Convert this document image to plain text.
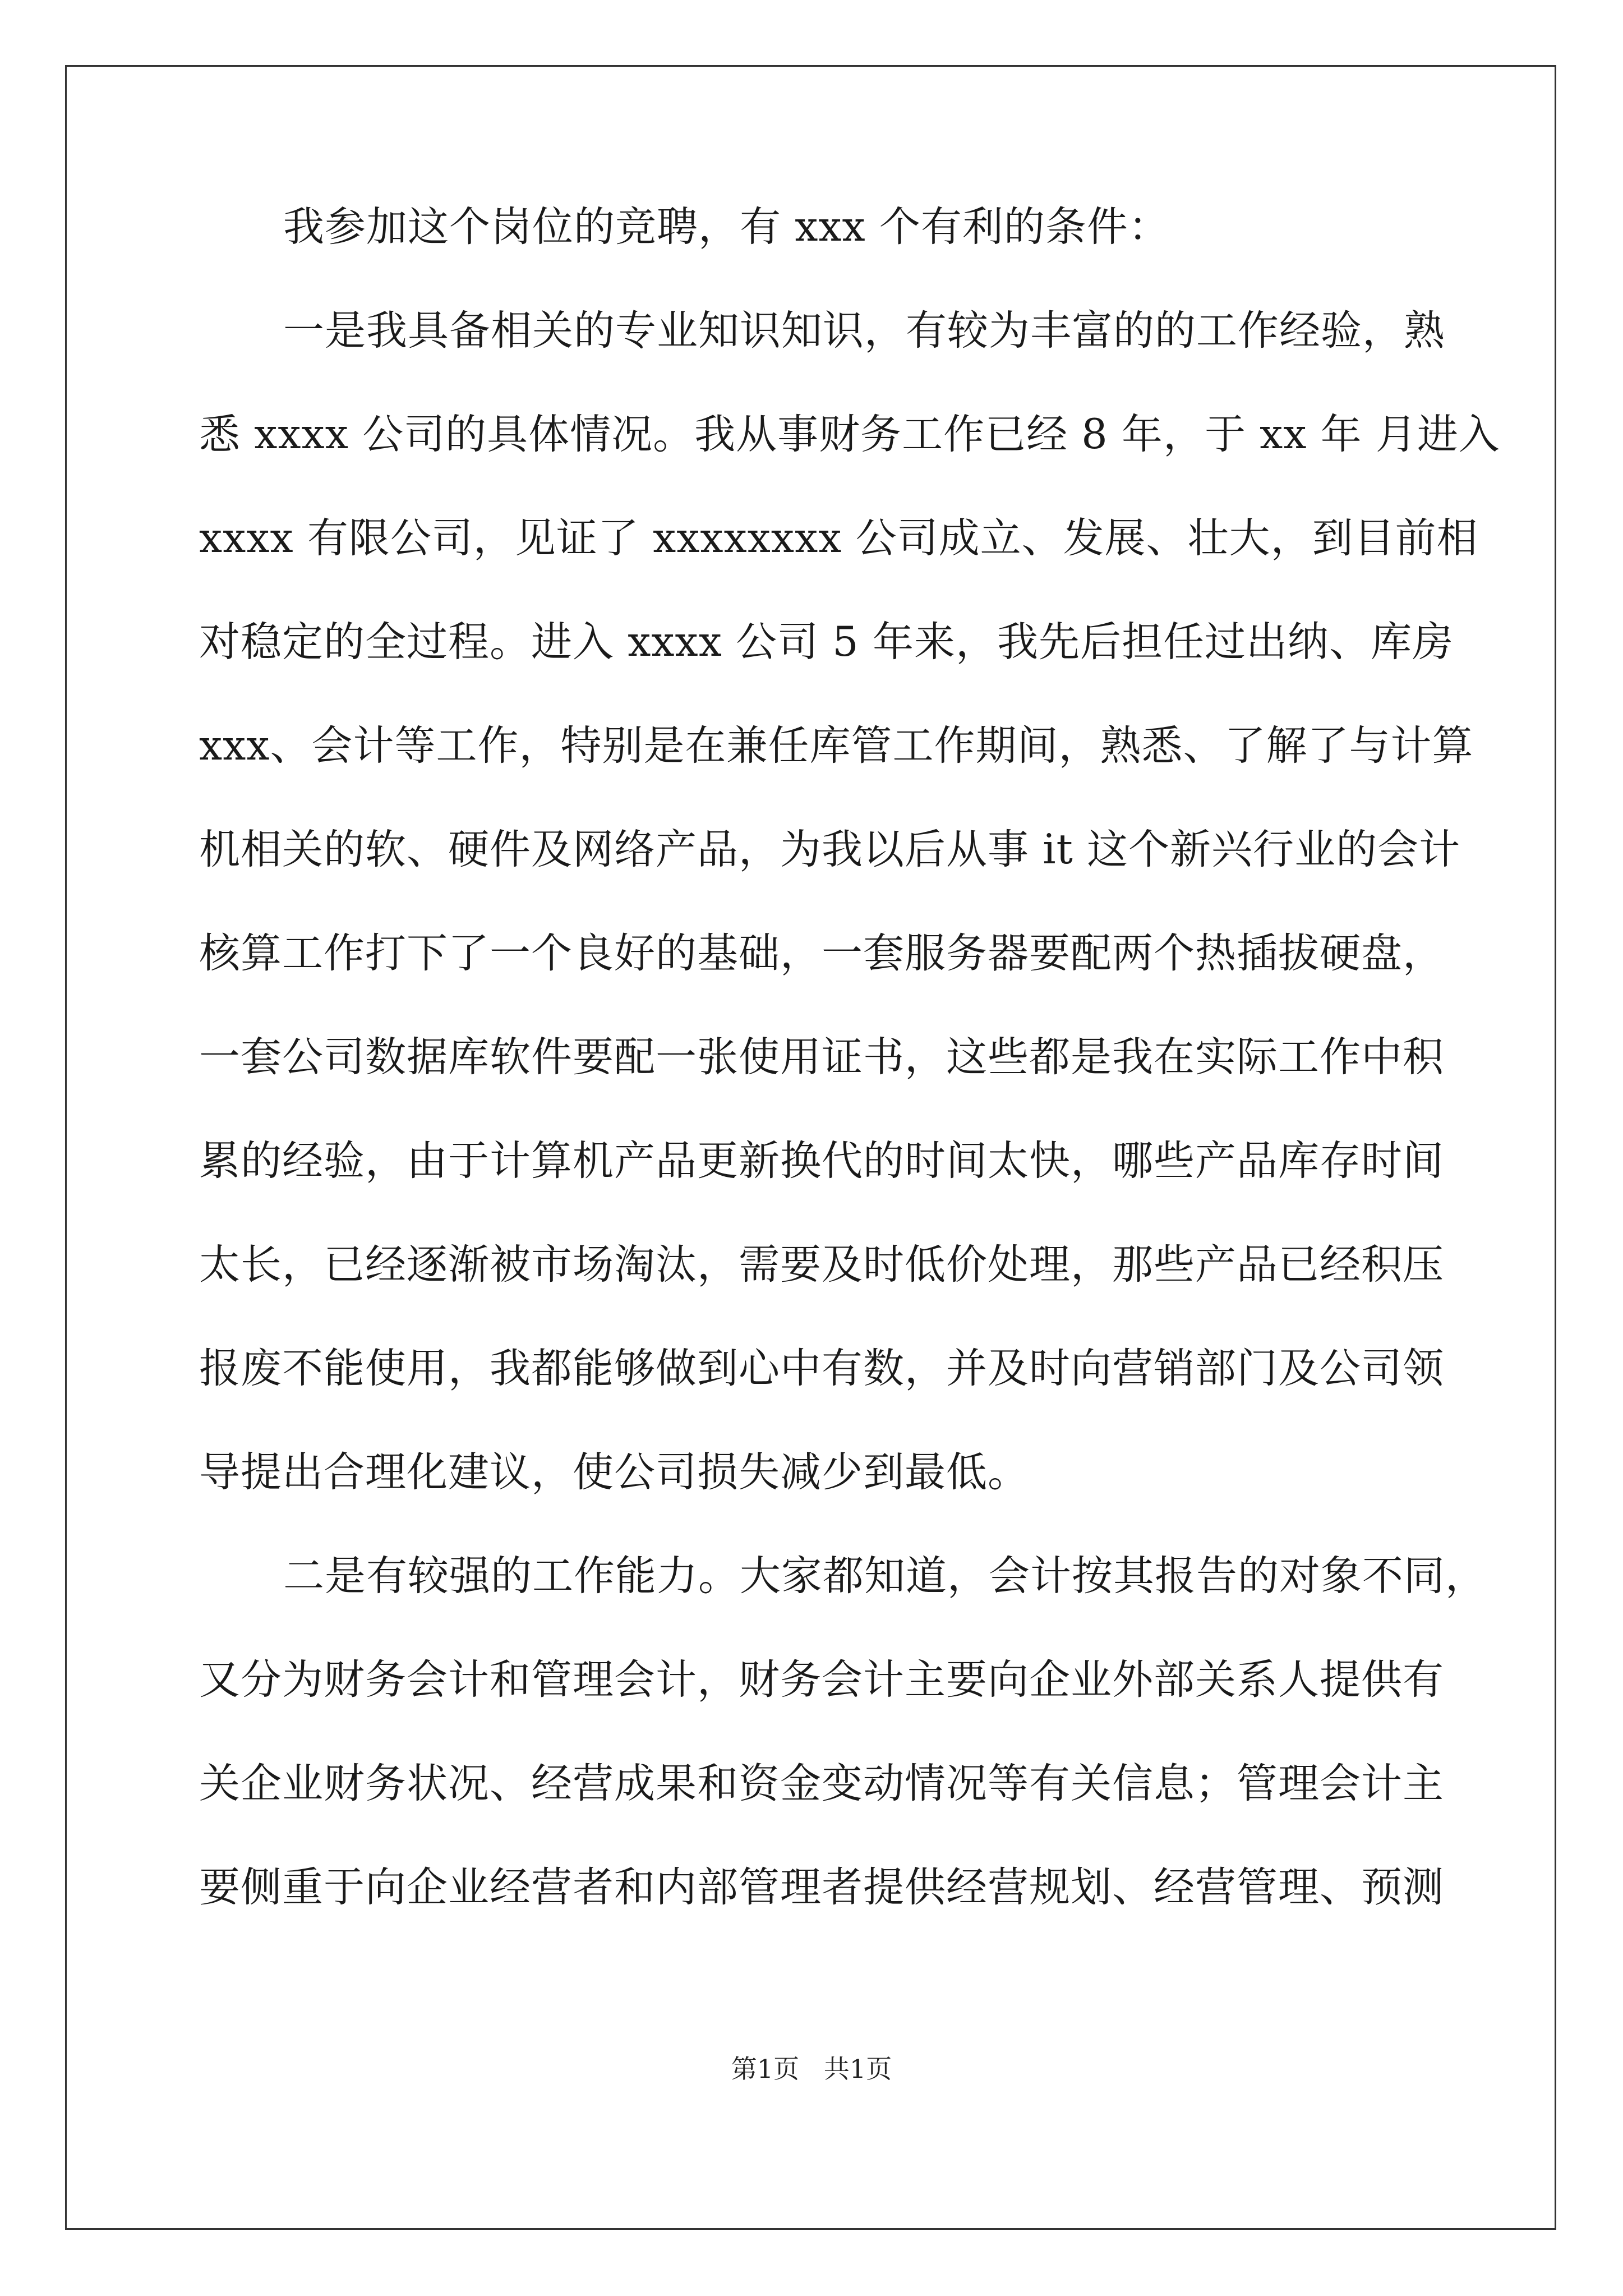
我参加这个岗位的竞聘，有 xxx 个有利的条件：
一是我具备相关的专业知识知识，有较为丰富的的工作经验，熟
悉 xxxx 公司的具体情况。我从事财务工作已经 8 年，于 xx 年 月进入
xxxx 有限公司，见证了 xxxxxxxx 公司成立、发展、壮大，到目前相
对稳定的全过程。进入 xxxx 公司 5 年来，我先后担任过出纳、库房
xxx、会计等工作，特别是在兼任库管工作期间，熟悉、了解了与计算
机相关的软、硬件及网络产品，为我以后从事 it 这个新兴行业的会计
核算工作打下了一个良好的基础，一套服务器要配两个热插拔硬盘，
一套公司数据库软件要配一张使用证书，这些都是我在实际工作中积
累的经验，由于计算机产品更新换代的时间太快，哪些产品库存时间
太长，已经逐渐被市场淘汰，需要及时低价处理，那些产品已经积压
报废不能使用，我都能够做到心中有数，并及时向营销部门及公司领
导提出合理化建议，使公司损失减少到最低。
二是有较强的工作能力。大家都知道，会计按其报告的对象不同，
又分为财务会计和管理会计，财务会计主要向企业外部关系人提供有
关企业财务状况、经营成果和资金变动情况等有关信息；管理会计主
要侧重于向企业经营者和内部管理者提供经营规划、经营管理、预测
第1页   共1页
